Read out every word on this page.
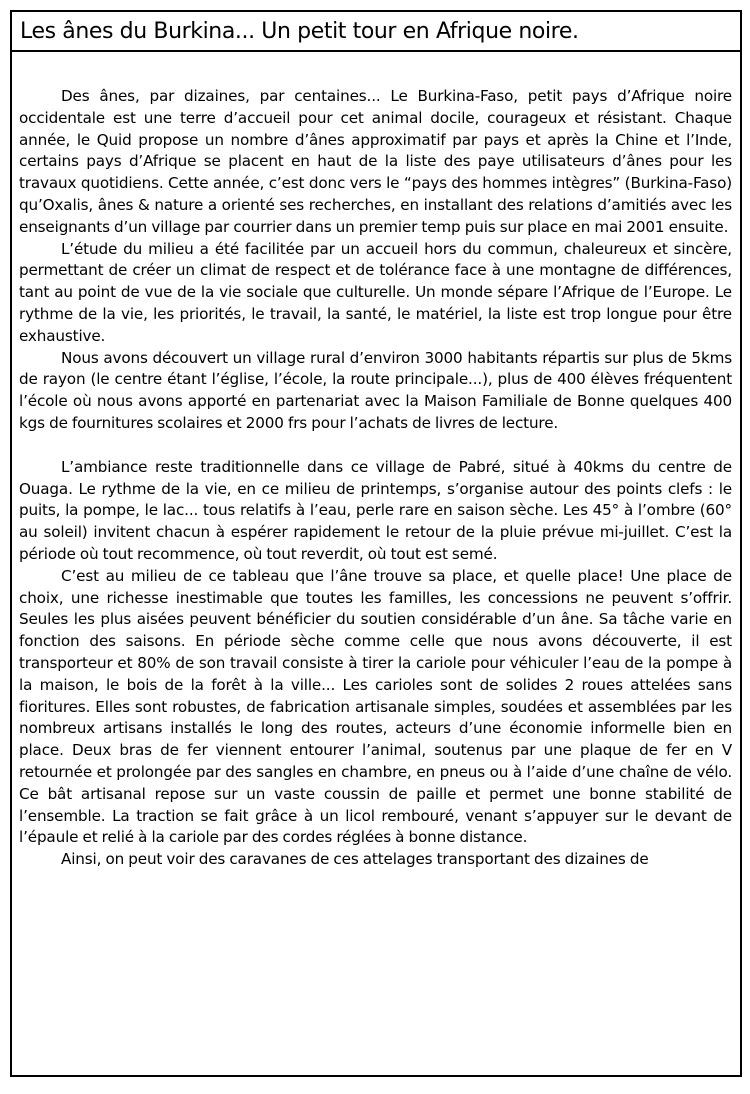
Les ânes du Burkina... Un petit tour en Afrique noire.

Des ânes, par dizaines, par centaines... Le Burkina-Faso, petit pays d’Afrique noire occidentale est une terre d’accueil pour cet animal docile, courageux et résistant. Chaque année, le Quid propose un nombre d’ânes approximatif par pays et après la Chine et l’Inde, certains pays d’Afrique se placent en haut de la liste des paye utilisateurs d’ânes pour les travaux quotidiens. Cette année, c’est donc vers le “pays des hommes intègres” (Burkina-Faso) qu’Oxalis, ânes & nature a orienté ses recherches, en installant des relations d’amitiés avec les enseignants d’un village par courrier dans un premier temp puis sur place en mai 2001 ensuite.

L’étude du milieu a été facilitée par un accueil hors du commun, chaleureux et sincère, permettant de créer un climat de respect et de tolérance face à une montagne de différences, tant au point de vue de la vie sociale que culturelle. Un monde sépare l’Afrique de l’Europe. Le rythme de la vie, les priorités, le travail, la santé, le matériel, la liste est trop longue pour être exhaustive.

Nous avons découvert un village rural d’environ 3000 habitants répartis sur plus de 5kms de rayon (le centre étant l’église, l’école, la route principale...), plus de 400 élèves fréquentent l’école où nous avons apporté en partenariat avec la Maison Familiale de Bonne quelques 400 kgs de fournitures scolaires et 2000 frs pour l’achats de livres de lecture.

L’ambiance reste traditionnelle dans ce village de Pabré, situé à 40kms du centre de Ouaga. Le rythme de la vie, en ce milieu de printemps, s’organise autour des points clefs : le puits, la pompe, le lac... tous relatifs à l’eau, perle rare en saison sèche. Les 45° à l’ombre (60° au soleil) invitent chacun à espérer rapidement le retour de la pluie prévue mi-juillet. C’est la période où tout recommence, où tout reverdit, où tout est semé.

C’est au milieu de ce tableau que l’âne trouve sa place, et quelle place! Une place de choix, une richesse inestimable que toutes les familles, les concessions ne peuvent s’offrir. Seules les plus aisées peuvent bénéficier du soutien considérable d’un âne. Sa tâche varie en fonction des saisons. En période sèche comme celle que nous avons découverte, il est transporteur et 80% de son travail consiste à tirer la cariole pour véhiculer l’eau de la pompe à la maison, le bois de la forêt à la ville... Les carioles sont de solides 2 roues attelées sans fioritures. Elles sont robustes, de fabrication artisanale simples, soudées et assemblées par les nombreux artisans installés le long des routes, acteurs d’une économie informelle bien en place. Deux bras de fer viennent entourer l’animal, soutenus par une plaque de fer en V retournée et prolongée par des sangles en chambre, en pneus ou à l’aide d’une chaîne de vélo. Ce bât artisanal repose sur un vaste coussin de paille et permet une bonne stabilité de l’ensemble. La traction se fait grâce à un licol rembouré, venant s’appuyer sur le devant de l’épaule et relié à la cariole par des cordes réglées à bonne distance.

Ainsi, on peut voir des caravanes de ces attelages transportant des dizaines de
